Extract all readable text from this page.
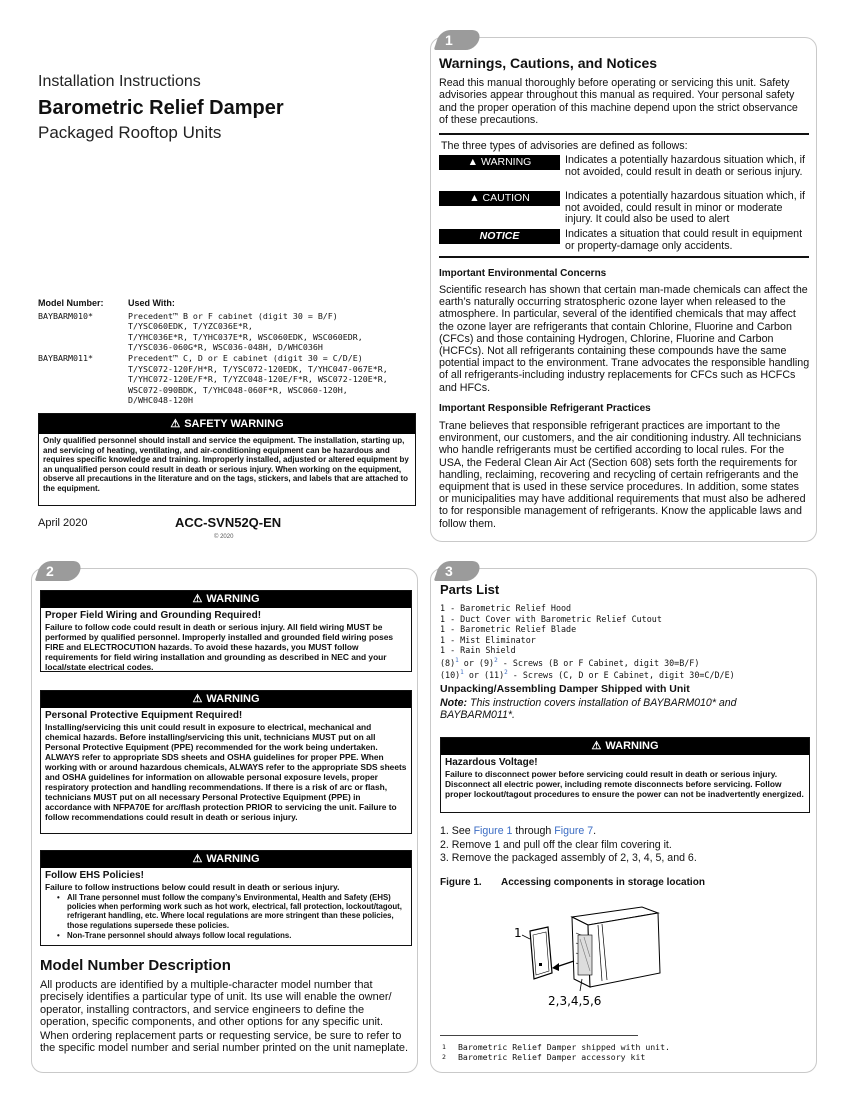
Installation Instructions
Barometric Relief Damper
Packaged Rooftop Units
Model Number:	Used With:
BAYBARM010*	Precedent™ B or F cabinet (digit 30 = B/F)
T/YSC060EDK, T/YZC036E*R,
T/YHC036E*R, T/YHC037E*R, WSC060EDK, WSC060EDR,
T/YSC036-060G*R, WSC036-048H, D/WHC036H
BAYBARM011*	Precedent™ C, D or E cabinet (digit 30 = C/D/E)
T/YSC072-120F/H*R, T/YSC072-120EDK, T/YHC047-067E*R,
T/YHC072-120E/F*R, T/YZC048-120E/F*R, WSC072-120E*R,
WSC072-090BDK, T/YHC048-060F*R, WSC060-120H,
D/WHC048-120H
⚠ SAFETY WARNING
Only qualified personnel should install and service the equipment. The installation, starting up, and servicing of heating, ventilating, and air-conditioning equipment can be hazardous and requires specific knowledge and training. Improperly installed, adjusted or altered equipment by an unqualified person could result in death or serious injury. When working on the equipment, observe all precautions in the literature and on the tags, stickers, and labels that are attached to the equipment.
April 2020	ACC-SVN52Q-EN
© 2020
1
Warnings, Cautions, and Notices
Read this manual thoroughly before operating or servicing this unit. Safety advisories appear throughout this manual as required. Your personal safety and the proper operation of this machine depend upon the strict observance of these precautions.
The three types of advisories are defined as follows:
▲ WARNING	Indicates a potentially hazardous situation which, if not avoided, could result in death or serious injury.
▲ CAUTION	Indicates a potentially hazardous situation which, if not avoided, could result in minor or moderate injury. It could also be used to alert
NOTICE	Indicates a situation that could result in equipment or property-damage only accidents.
Important Environmental Concerns
Scientific research has shown that certain man-made chemicals can affect the earth’s naturally occurring stratospheric ozone layer when released to the atmosphere. In particular, several of the identified chemicals that may affect the ozone layer are refrigerants that contain Chlorine, Fluorine and Carbon (CFCs) and those containing Hydrogen, Chlorine, Fluorine and Carbon (HCFCs). Not all refrigerants containing these compounds have the same potential impact to the environment. Trane advocates the responsible handling of all refrigerants-including industry replacements for CFCs such as HCFCs and HFCs.
Important Responsible Refrigerant Practices
Trane believes that responsible refrigerant practices are important to the environment, our customers, and the air conditioning industry. All technicians who handle refrigerants must be certified according to local rules. For the USA, the Federal Clean Air Act (Section 608) sets forth the requirements for handling, reclaiming, recovering and recycling of certain refrigerants and the equipment that is used in these service procedures. In addition, some states or municipalities may have additional requirements that must also be adhered to for responsible management of refrigerants. Know the applicable laws and follow them.
2
⚠ WARNING
Proper Field Wiring and Grounding Required!
Failure to follow code could result in death or serious injury. All field wiring MUST be performed by qualified personnel. Improperly installed and grounded field wiring poses FIRE and ELECTROCUTION hazards. To avoid these hazards, you MUST follow requirements for field wiring installation and grounding as described in NEC and your local/state electrical codes.
⚠ WARNING
Personal Protective Equipment Required!
Installing/servicing this unit could result in exposure to electrical, mechanical and chemical hazards. Before installing/servicing this unit, technicians MUST put on all Personal Protective Equipment (PPE) recommended for the work being undertaken. ALWAYS refer to appropriate SDS sheets and OSHA guidelines for proper PPE. When working with or around hazardous chemicals, ALWAYS refer to the appropriate SDS sheets and OSHA guidelines for information on allowable personal exposure levels, proper respiratory protection and handling recommendations. If there is a risk of arc or flash, technicians MUST put on all necessary Personal Protective Equipment (PPE) in accordance with NFPA70E for arc/flash protection PRIOR to servicing the unit. Failure to follow recommendations could result in death or serious injury.
⚠ WARNING
Follow EHS Policies!
Failure to follow instructions below could result in death or serious injury.
• All Trane personnel must follow the company’s Environmental, Health and Safety (EHS) policies when performing work such as hot work, electrical, fall protection, lockout/tagout, refrigerant handling, etc. Where local regulations are more stringent than these policies, those regulations supersede these policies.
• Non-Trane personnel should always follow local regulations.
Model Number Description
All products are identified by a multiple-character model number that precisely identifies a particular type of unit. Its use will enable the owner/ operator, installing contractors, and service engineers to define the operation, specific components, and other options for any specific unit.
When ordering replacement parts or requesting service, be sure to refer to the specific model number and serial number printed on the unit nameplate.
3
Parts List
1 - Barometric Relief Hood
1 - Duct Cover with Barometric Relief Cutout
1 - Barometric Relief Blade
1 - Mist Eliminator
1 - Rain Shield
$(8)^1$ or $(9)^2$ - Screws (B or F Cabinet, digit 30=B/F)
$(10)^1$ or $(11)^2$ - Screws (C, D or E Cabinet, digit 30=C/D/E)
Unpacking/Assembling Damper Shipped with Unit
Note: This instruction covers installation of BAYBARM010* and BAYBARM011*.
⚠ WARNING
Hazardous Voltage!
Failure to disconnect power before servicing could result in death or serious injury. Disconnect all electric power, including remote disconnects before servicing. Follow proper lockout/tagout procedures to ensure the power can not be inadvertently energized.
1. See Figure 1 through Figure 7.
2. Remove 1 and pull off the clear film covering it.
3. Remove the packaged assembly of 2, 3, 4, 5, and 6.
Figure 1. Accessing components in storage location
1
2,3,4,5,6
1	Barometric Relief Damper shipped with unit.
2	Barometric Relief Damper accessory kit
